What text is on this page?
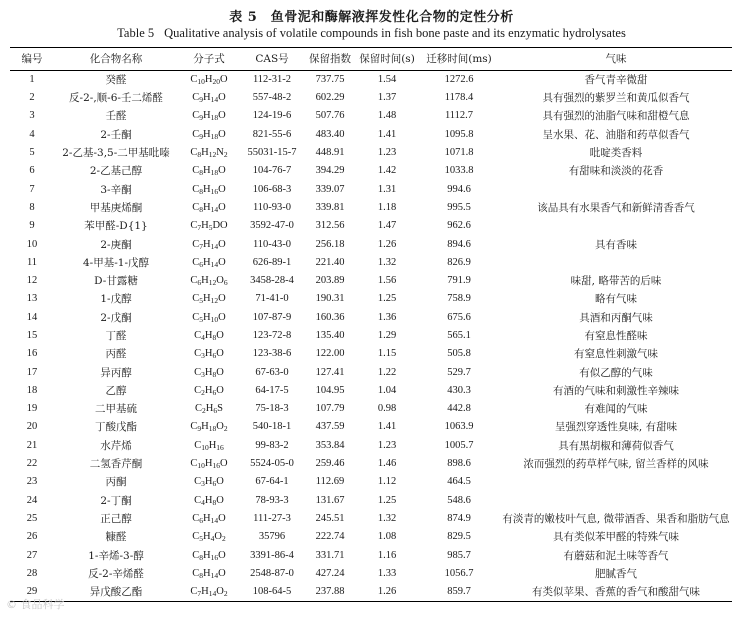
表 5　鱼骨泥和酶解液挥发性化合物的定性分析
Table 5 Qualitative analysis of volatile compounds in fish bone paste and its enzymatic hydrolysates
编号	化合物名称	分子式	CAS号	保留指数	保留时间(s)	迁移时间(ms)	气味
1	癸醛	$C_{10}H_{20}O$	112-31-2	737.75	1.54	1272.6	香气青辛微甜
2	反-2-,顺-6-壬二烯醛	$C_9H_{14}O$	557-48-2	602.29	1.37	1178.4	具有强烈的紫罗兰和黄瓜似香气
3	壬醛	$C_9H_{18}O$	124-19-6	507.76	1.48	1112.7	具有强烈的油脂气味和甜橙气息
4	2-壬酮	$C_9H_{18}O$	821-55-6	483.40	1.41	1095.8	呈水果、花、油脂和药草似香气
5	2-乙基-3,5-二甲基吡嗪	$C_8H_{12}N_2$	55031-15-7	448.91	1.23	1071.8	吡啶类香料
6	2-乙基己醇	$C_8H_{18}O$	104-76-7	394.29	1.42	1033.8	有甜味和淡淡的花香
7	3-辛酮	$C_8H_{16}O$	106-68-3	339.07	1.31	994.6	
8	甲基庚烯酮	$C_8H_{14}O$	110-93-0	339.81	1.18	995.5	该品具有水果香气和新鲜清香香气
9	苯甲醛-D{1}	$C_7H_5DO$	3592-47-0	312.56	1.47	962.6	
10	2-庚酮	$C_7H_{14}O$	110-43-0	256.18	1.26	894.6	具有香味
11	4-甲基-1-戊醇	$C_6H_{14}O$	626-89-1	221.40	1.32	826.9	
12	D-甘露糖	$C_6H_{12}O_6$	3458-28-4	203.89	1.56	791.9	味甜, 略带苦的后味
13	1-戊醇	$C_5H_{12}O$	71-41-0	190.31	1.25	758.9	略有气味
14	2-戊酮	$C_5H_{10}O$	107-87-9	160.36	1.36	675.6	具酒和丙酮气味
15	丁醛	$C_4H_8O$	123-72-8	135.40	1.29	565.1	有窒息性醛味
16	丙醛	$C_3H_6O$	123-38-6	122.00	1.15	505.8	有窒息性刺激气味
17	异丙醇	$C_3H_8O$	67-63-0	127.41	1.22	529.7	有似乙醇的气味
18	乙醇	$C_2H_6O$	64-17-5	104.95	1.04	430.3	有酒的气味和刺激性辛辣味
19	二甲基硫	$C_2H_6S$	75-18-3	107.79	0.98	442.8	有难闻的气味
20	丁酸戊酯	$C_9H_{18}O_2$	540-18-1	437.59	1.41	1063.9	呈强烈穿透性臭味, 有甜味
21	水芹烯	$C_{10}H_{16}$	99-83-2	353.84	1.23	1005.7	具有黑胡椒和薄荷似香气
22	二氢香芹酮	$C_{10}H_{16}O$	5524-05-0	259.46	1.46	898.6	浓而强烈的药草样气味, 留兰香样的风味
23	丙酮	$C_3H_6O$	67-64-1	112.69	1.12	464.5	
24	2-丁酮	$C_4H_8O$	78-93-3	131.67	1.25	548.6	
25	正己醇	$C_6H_{14}O$	111-27-3	245.51	1.32	874.9	有淡青的嫩枝叶气息, 微带酒香、果香和脂肪气息
26	糠醛	$C_5H_4O_2$	35796	222.74	1.08	829.5	具有类似苯甲醛的特殊气味
27	1-辛烯-3-醇	$C_8H_{16}O$	3391-86-4	331.71	1.16	985.7	有蘑菇和泥土味等香气
28	反-2-辛烯醛	$C_8H_{14}O$	2548-87-0	427.24	1.33	1056.7	肥腻香气
29	异戊酸乙酯	$C_7H_{14}O_2$	108-64-5	237.88	1.26	859.7	有类似苹果、香蕉的香气和酸甜气味
© 食品科学
